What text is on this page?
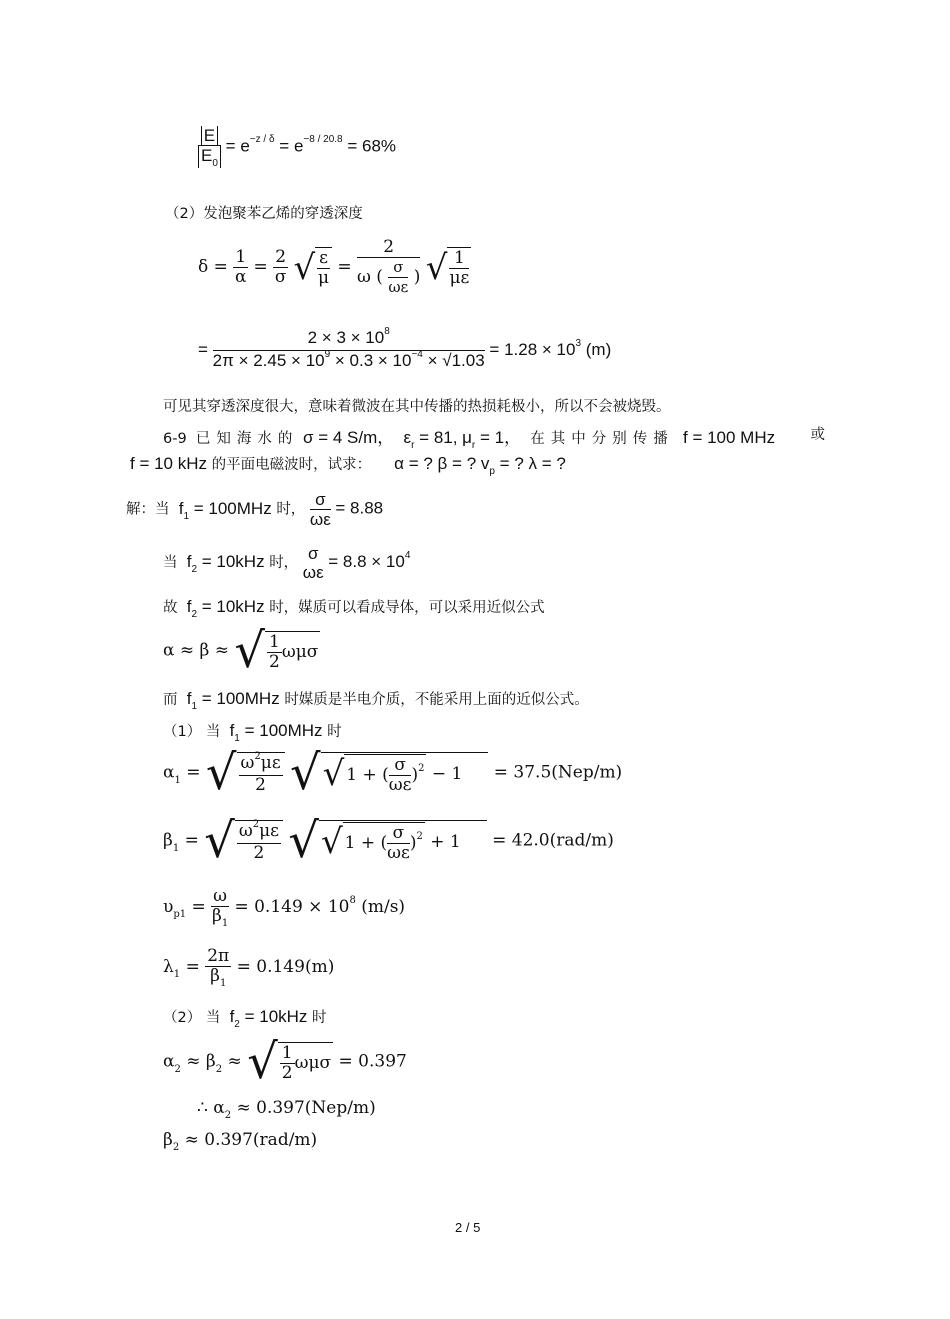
$\frac{E}{E_0} = e^{-z / \delta} = e^{-8 / 20.8} = 68\%$
（2）发泡聚苯乙烯的穿透深度
$\delta = \frac{1}{\alpha} = \frac{2}{\sigma}$ √ $\frac{\varepsilon}{\mu} = \frac{2}{\omega ( \frac{\sigma}{\omega\varepsilon} )}$ √ $\frac{1}{\mu\varepsilon}$
= $\frac{2 \times 3 \times 10^8}{2\pi \times 2.45 \times 10^9 \times 0.3 \times 10^{-4} \times √1.03} = 1.28 \times 10^3$ (m)
可见其穿透深度很大，意味着微波在其中传播的热损耗极小，所以不会被烧毁。
6-9 已知海水的 σ = 4 S/m， $\varepsilon_r = 81$, $\mu_r = 1$， 在其中分别传播 f = 100 MHz 或
f = 10 kHz 的平面电磁波时，试求： α = ? β = ? $v_p$ = ? λ = ?
解：当 $f_1 = 100MHz$ 时， $\frac{\sigma}{\omega\varepsilon} = 8.88$
当 $f_2 = 10kHz$ 时， σ
ωε
= $8.8 \times 10^4$
故 $f_2 = 10kHz$ 时，媒质可以看成导体，可以采用近似公式
α ≈ β ≈ √ $\frac{1}{2}$ ωμσ
而 $f_1 = 100MHz$ 时媒质是半电介质，不能采用上面的近似公式。
（1） 当 $f_1 = 100MHz$ 时
$\alpha_1$ = √ $\frac{\omega^2\mu\varepsilon}{2}$ √√ 1 + ( $\frac{\sigma}{\omega\varepsilon} )^2 - 1 = 37.5(Nep/m)$
$\beta_1$ = √ $\frac{\omega^2\mu\varepsilon}{2}$ √√ 1 + ( $\frac{\sigma}{\omega\varepsilon} )^2 + 1 = 42.0(rad/m)$
$\upsilon_{p1} = \frac{\omega}{\beta_1} = 0.149 \times 10^8$ (m/s)
$\lambda_1 = \frac{2\pi}{\beta_1} = 0.149(m)$
（2） 当 $f_2 = 10kHz$ 时
$\alpha_2 \approx \beta_2$ ≈ √ $\frac{1}{2}$ ωμσ = 0.397
∴ $\alpha_2 \approx 0.397(Nep/m)$
$\beta_2 \approx 0.397(rad/m)$
2 / 5
